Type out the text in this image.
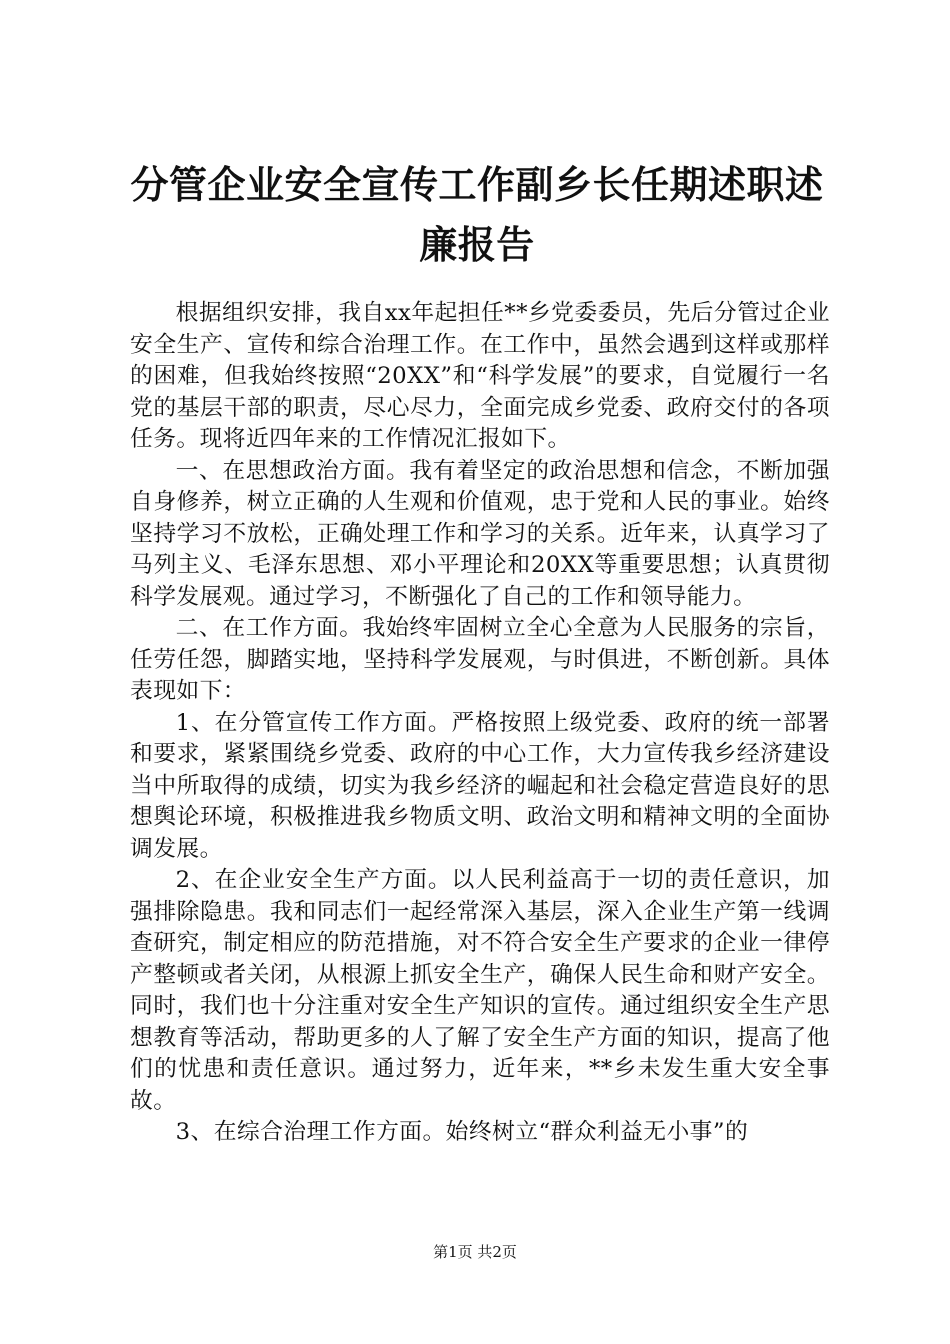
分管企业安全宣传工作副乡长任期述职述廉报告

根据组织安排，我自xx年起担任**乡党委委员，先后分管过企业安全生产、宣传和综合治理工作。在工作中，虽然会遇到这样或那样的困难，但我始终按照“20XX”和“科学发展”的要求，自觉履行一名党的基层干部的职责，尽心尽力，全面完成乡党委、政府交付的各项任务。现将近四年来的工作情况汇报如下。

一、在思想政治方面。我有着坚定的政治思想和信念，不断加强自身修养，树立正确的人生观和价值观，忠于党和人民的事业。始终坚持学习不放松，正确处理工作和学习的关系。近年来，认真学习了马列主义、毛泽东思想、邓小平理论和20XX等重要思想；认真贯彻科学发展观。通过学习，不断强化了自己的工作和领导能力。

二、在工作方面。我始终牢固树立全心全意为人民服务的宗旨，任劳任怨，脚踏实地，坚持科学发展观，与时俱进，不断创新。具体表现如下：

1、在分管宣传工作方面。严格按照上级党委、政府的统一部署和要求，紧紧围绕乡党委、政府的中心工作，大力宣传我乡经济建设当中所取得的成绩，切实为我乡经济的崛起和社会稳定营造良好的思想舆论环境，积极推进我乡物质文明、政治文明和精神文明的全面协调发展。

2、在企业安全生产方面。以人民利益高于一切的责任意识，加强排除隐患。我和同志们一起经常深入基层，深入企业生产第一线调查研究，制定相应的防范措施，对不符合安全生产要求的企业一律停产整顿或者关闭，从根源上抓安全生产，确保人民生命和财产安全。同时，我们也十分注重对安全生产知识的宣传。通过组织安全生产思想教育等活动，帮助更多的人了解了安全生产方面的知识，提高了他们的忧患和责任意识。通过努力，近年来，**乡未发生重大安全事故。

3、在综合治理工作方面。始终树立“群众利益无小事”的

第1页 共2页
